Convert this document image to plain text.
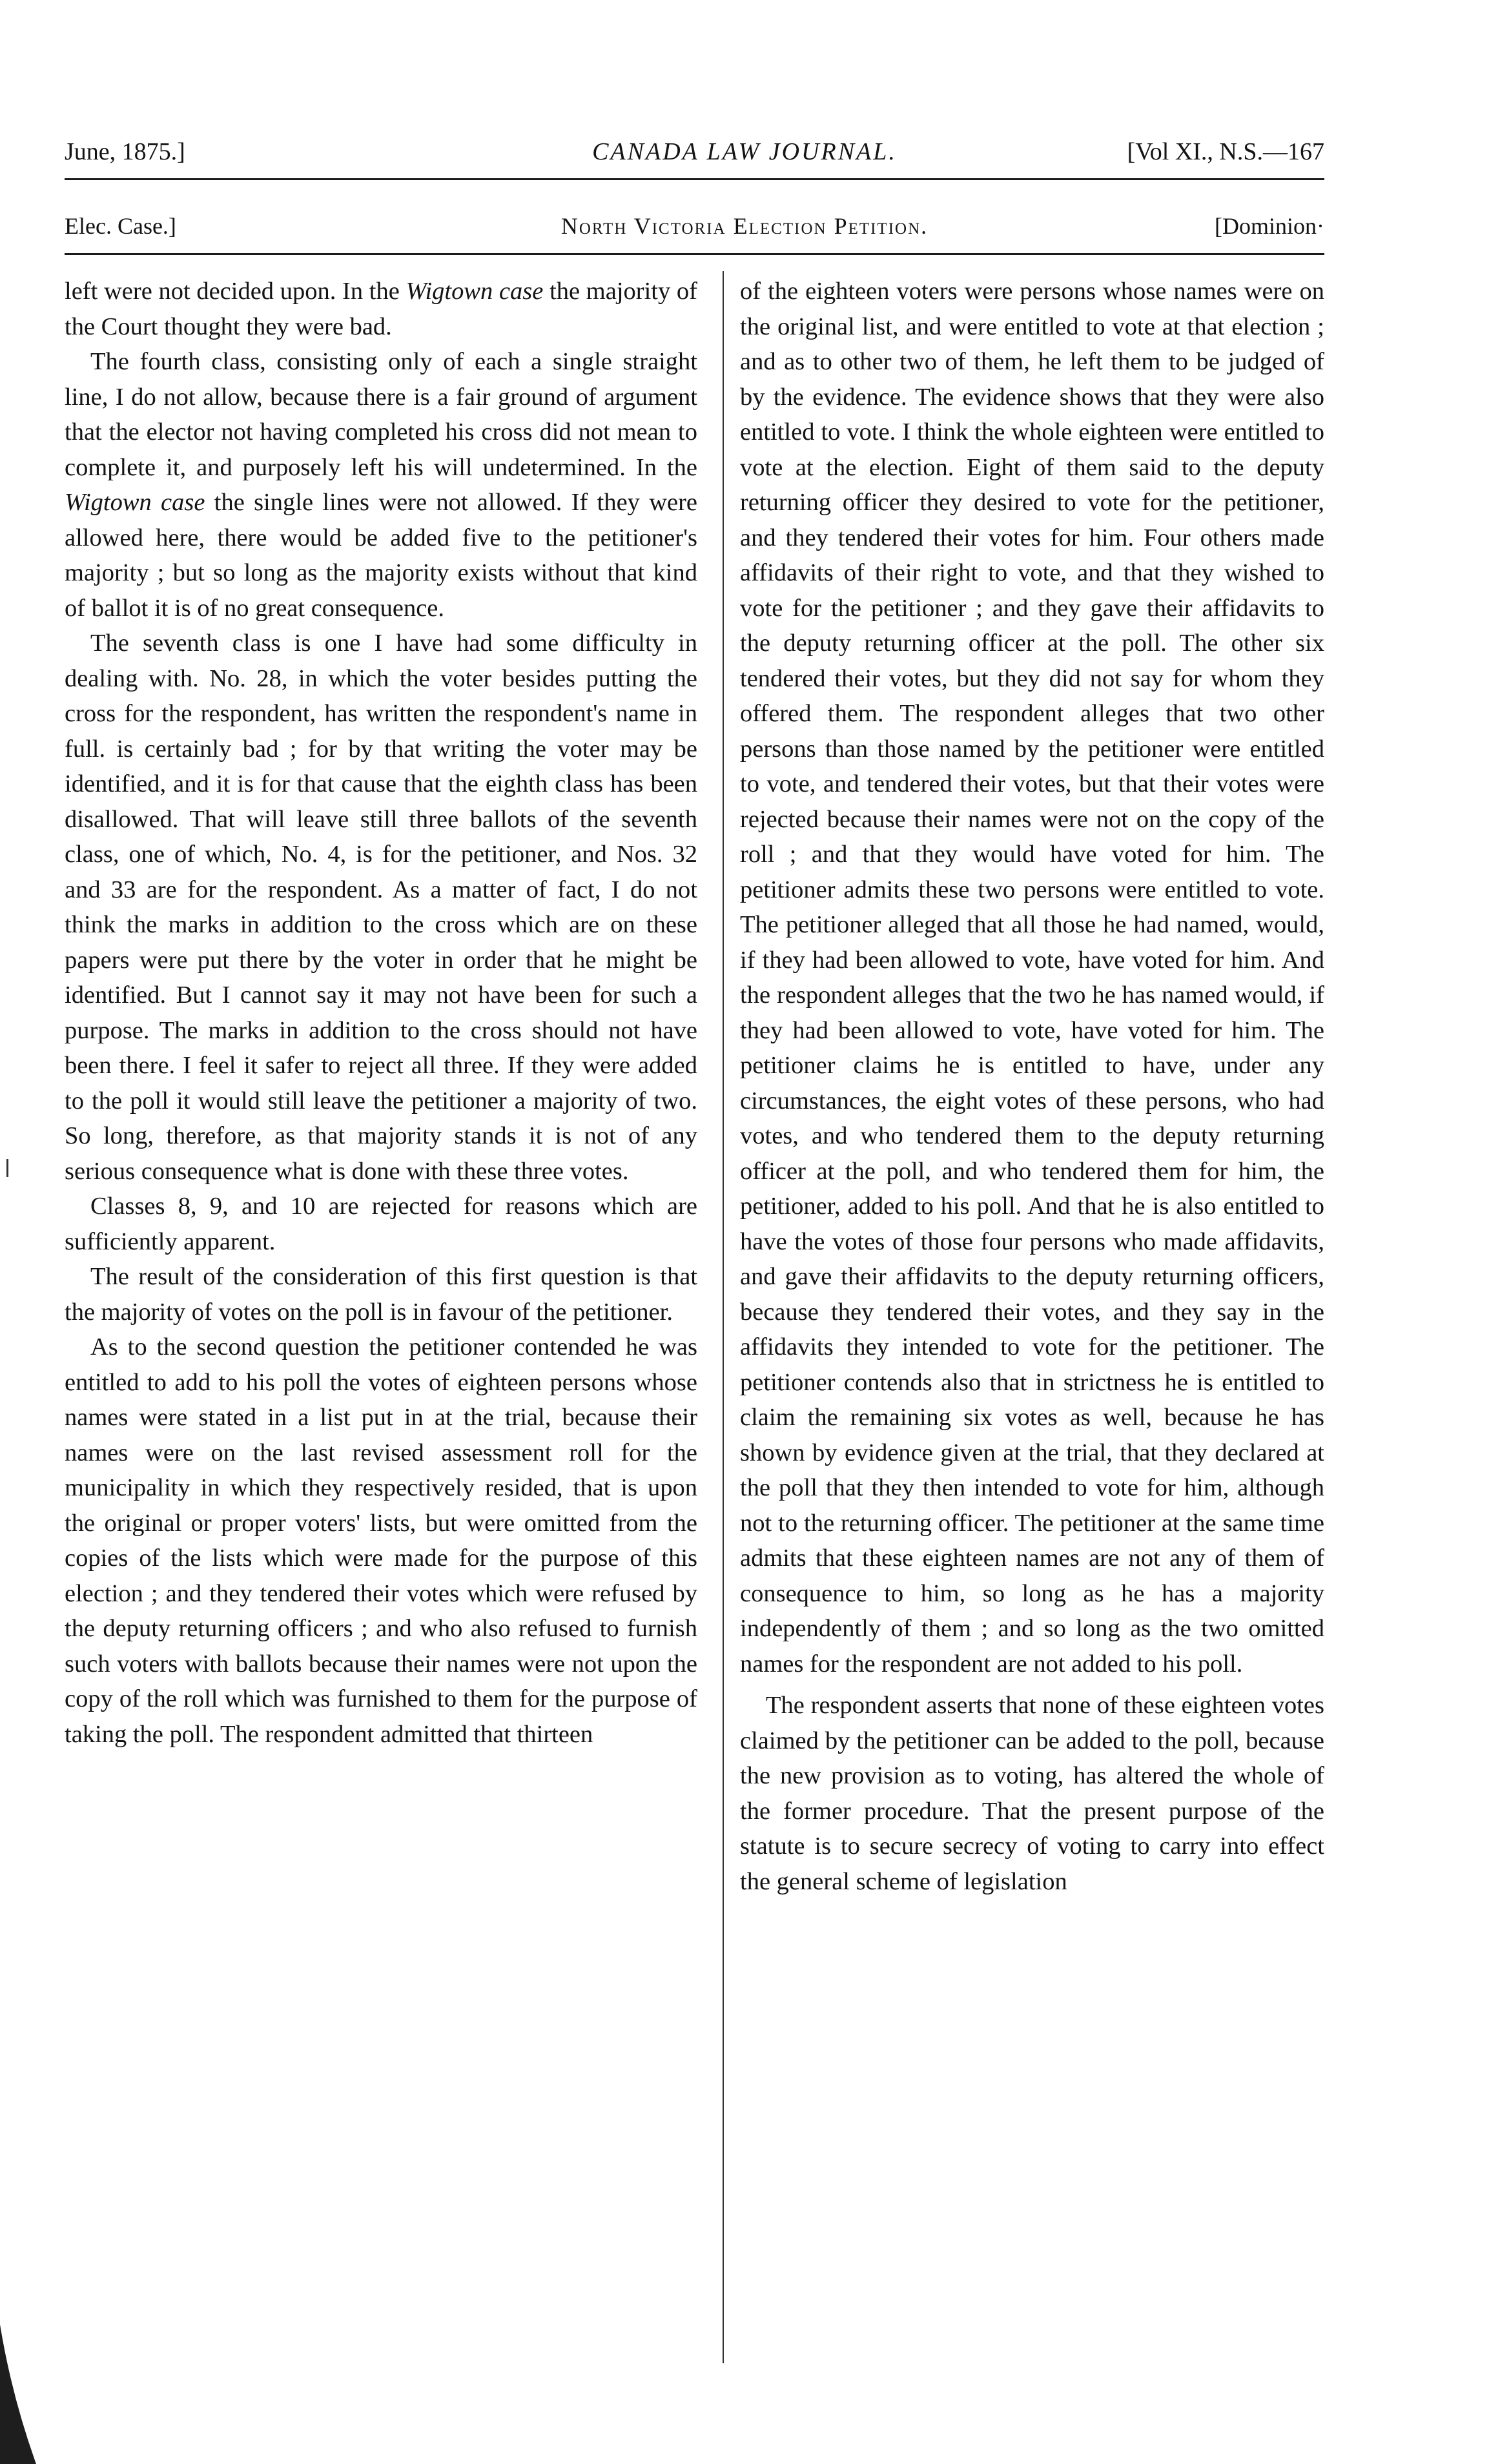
June, 1875.]	CANADA LAW JOURNAL.	[Vol XI., N.S.—167
Elec. Case.]	North Victoria Election Petition.	[Dominion·

left were not decided upon. In the Wigtown case the majority of the Court thought they were bad.

The fourth class, consisting only of each a single straight line, I do not allow, because there is a fair ground of argument that the elector not having completed his cross did not mean to complete it, and purposely left his will undetermined. In the Wigtown case the single lines were not allowed. If they were allowed here, there would be added five to the petitioner's majority ; but so long as the majority exists without that kind of ballot it is of no great consequence.

The seventh class is one I have had some difficulty in dealing with. No. 28, in which the voter besides putting the cross for the respondent, has written the respondent's name in full. is certainly bad ; for by that writing the voter may be identified, and it is for that cause that the eighth class has been disallowed. That will leave still three ballots of the seventh class, one of which, No. 4, is for the petitioner, and Nos. 32 and 33 are for the respondent. As a matter of fact, I do not think the marks in addition to the cross which are on these papers were put there by the voter in order that he might be identified. But I cannot say it may not have been for such a purpose. The marks in addition to the cross should not have been there. I feel it safer to reject all three. If they were added to the poll it would still leave the petitioner a majority of two. So long, therefore, as that majority stands it is not of any serious consequence what is done with these three votes.

Classes 8, 9, and 10 are rejected for reasons which are sufficiently apparent.

The result of the consideration of this first question is that the majority of votes on the poll is in favour of the petitioner.

As to the second question the petitioner contended he was entitled to add to his poll the votes of eighteen persons whose names were stated in a list put in at the trial, because their names were on the last revised assessment roll for the municipality in which they respectively resided, that is upon the original or proper voters' lists, but were omitted from the copies of the lists which were made for the purpose of this election ; and they tendered their votes which were refused by the deputy returning officers ; and who also refused to furnish such voters with ballots because their names were not upon the copy of the roll which was furnished to them for the purpose of taking the poll. The respondent admitted that thirteen

of the eighteen voters were persons whose names were on the original list, and were entitled to vote at that election ; and as to other two of them, he left them to be judged of by the evidence. The evidence shows that they were also entitled to vote. I think the whole eighteen were entitled to vote at the election. Eight of them said to the deputy returning officer they desired to vote for the petitioner, and they tendered their votes for him. Four others made affidavits of their right to vote, and that they wished to vote for the petitioner ; and they gave their affidavits to the deputy returning officer at the poll. The other six tendered their votes, but they did not say for whom they offered them. The respondent alleges that two other persons than those named by the petitioner were entitled to vote, and tendered their votes, but that their votes were rejected because their names were not on the copy of the roll ; and that they would have voted for him. The petitioner admits these two persons were entitled to vote. The petitioner alleged that all those he had named, would, if they had been allowed to vote, have voted for him. And the respondent alleges that the two he has named would, if they had been allowed to vote, have voted for him. The petitioner claims he is entitled to have, under any circumstances, the eight votes of these persons, who had votes, and who tendered them to the deputy returning officer at the poll, and who tendered them for him, the petitioner, added to his poll. And that he is also entitled to have the votes of those four persons who made affidavits, and gave their affidavits to the deputy returning officers, because they tendered their votes, and they say in the affidavits they intended to vote for the petitioner. The petitioner contends also that in strictness he is entitled to claim the remaining six votes as well, because he has shown by evidence given at the trial, that they declared at the poll that they then intended to vote for him, although not to the returning officer. The petitioner at the same time admits that these eighteen names are not any of them of consequence to him, so long as he has a majority independently of them ; and so long as the two omitted names for the respondent are not added to his poll.

The respondent asserts that none of these eighteen votes claimed by the petitioner can be added to the poll, because the new provision as to voting, has altered the whole of the former procedure. That the present purpose of the statute is to secure secrecy of voting to carry into effect the general scheme of legislation
